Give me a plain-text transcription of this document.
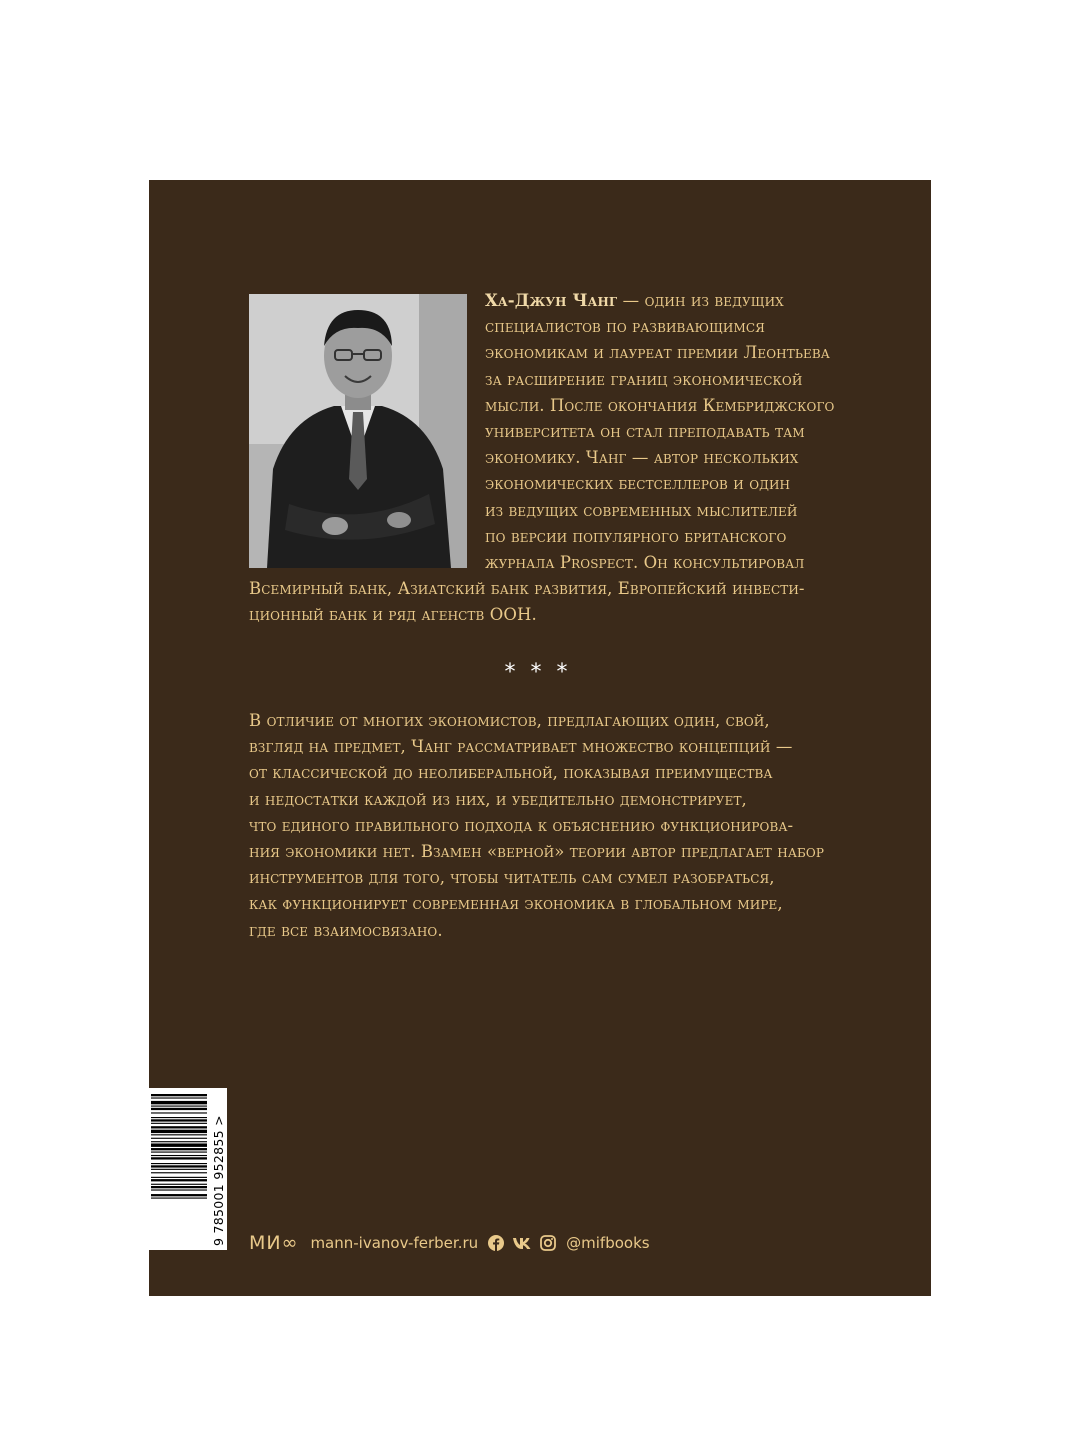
Ха-Джун Чанг — один из ведущих
специалистов по развивающимся
экономикам и лауреат премии Леонтьева
за расширение границ экономической
мысли. После окончания Кембриджского
университета он стал преподавать там
экономику. Чанг — автор нескольких
экономических бестселлеров и один
из ведущих современных мыслителей
по версии популярного британского
журнала Prospect. Он консультировал
Всемирный банк, Азиатский банк развития, Европейский инвести-
ционный банк и ряд агенств ООН.
* * *
В отличие от многих экономистов, предлагающих один, свой,
взгляд на предмет, Чанг рассматривает множество концепций —
от классической до неолиберальной, показывая преимущества
и недостатки каждой из них, и убедительно демонстрирует,
что единого правильного подхода к объяснению функционирова-
ния экономики нет. Взамен «верной» теории автор предлагает набор
инструментов для того, чтобы читатель сам сумел разобраться,
как функционирует современная экономика в глобальном мире,
где все взаимосвязано.
9 785001 952855 > МИ∞ mann-ivanov-ferber.ru	@mifbooks
